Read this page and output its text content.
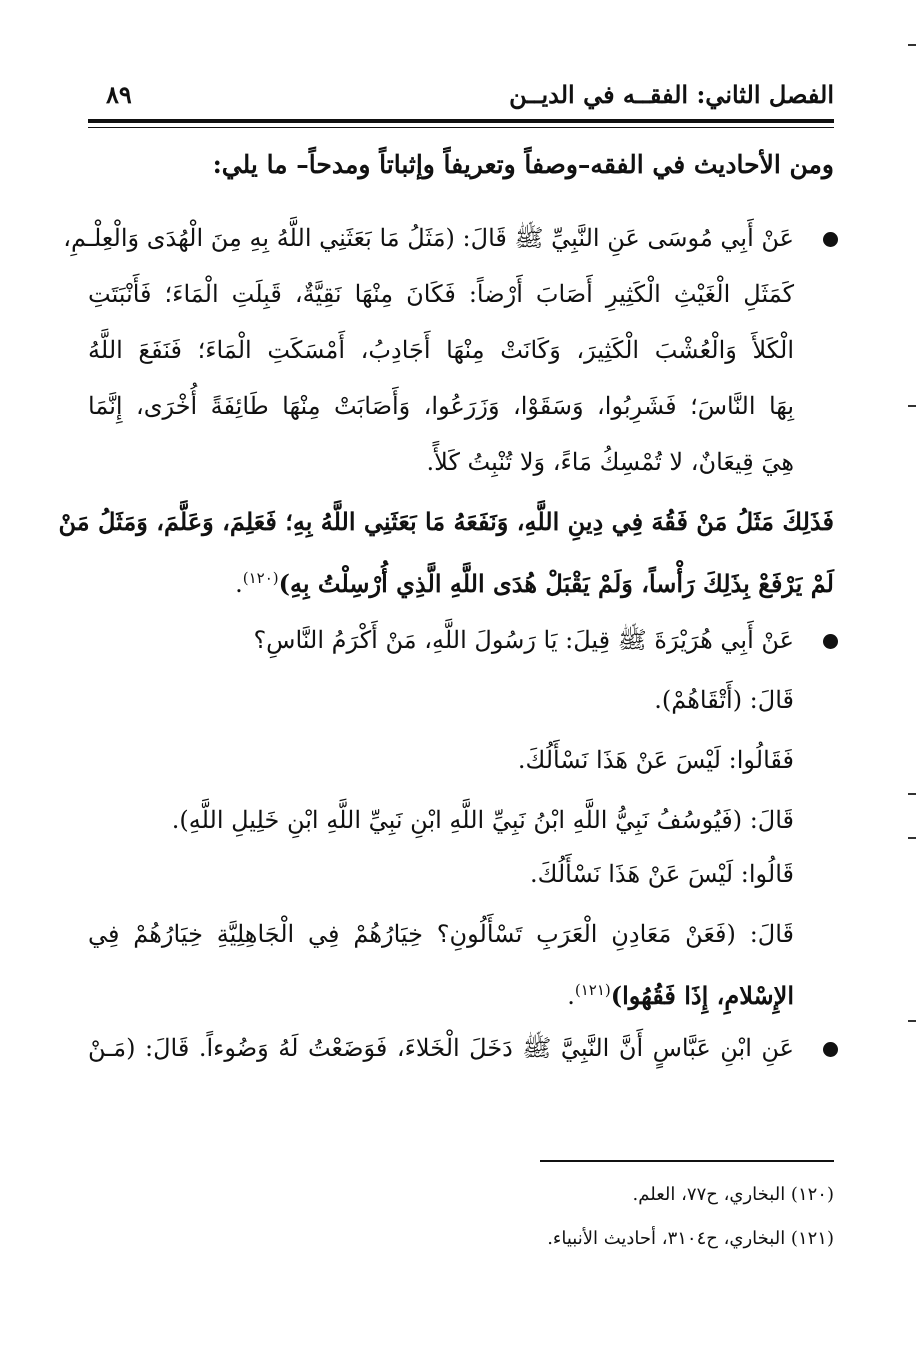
الفصل الثاني: الفقــه في الديــن
٨٩
ومن الأحاديث في الفقه–وصفاً وتعريفاً وإثباتاً ومدحاً– ما يلي:
عَنْ أَبِي مُوسَى عَنِ النَّبِيِّ ﷺ قَالَ: (مَثَلُ مَا بَعَثَنِي اللَّهُ بِهِ مِنَ الْهُدَى وَالْعِلْـمِ،
كَمَثَلِ الْغَيْثِ الْكَثِيرِ أَصَابَ أَرْضاً: فَكَانَ مِنْهَا نَقِيَّةٌ، قَبِلَتِ الْمَاءَ؛ فَأَنْبَتَتِ
الْكَلأَ وَالْعُشْبَ الْكَثِيرَ، وَكَانَتْ مِنْهَا أَجَادِبُ، أَمْسَكَتِ الْمَاءَ؛ فَنَفَعَ اللَّهُ
بِهَا النَّاسَ؛ فَشَرِبُوا، وَسَقَوْا، وَزَرَعُوا، وَأَصَابَتْ مِنْهَا طَائِفَةً أُخْرَى، إِنَّمَا
هِيَ قِيعَانٌ، لا تُمْسِكُ مَاءً، وَلا تُنْبِتُ كَلأً.
فَذَلِكَ مَثَلُ مَنْ فَقُهَ فِي دِينِ اللَّهِ، وَنَفَعَهُ مَا بَعَثَنِي اللَّهُ بِهِ؛ فَعَلِمَ، وَعَلَّمَ، وَمَثَلُ مَنْ
لَمْ يَرْفَعْ بِذَلِكَ رَأْساً، وَلَمْ يَقْبَلْ هُدَى اللَّهِ الَّذِي أُرْسِلْتُ بِهِ)$^{(١٢٠)}$.
عَنْ أَبِي هُرَيْرَةَ ﷺ قِيلَ: يَا رَسُولَ اللَّهِ، مَنْ أَكْرَمُ النَّاسِ؟
قَالَ: (أَتْقَاهُمْ).
فَقَالُوا: لَيْسَ عَنْ هَذَا نَسْأَلُكَ.
قَالَ: (فَيُوسُفُ نَبِيُّ اللَّهِ ابْنُ نَبِيِّ اللَّهِ ابْنِ نَبِيِّ اللَّهِ ابْنِ خَلِيلِ اللَّهِ).
قَالُوا: لَيْسَ عَنْ هَذَا نَسْأَلُكَ.
قَالَ: (فَعَنْ مَعَادِنِ الْعَرَبِ تَسْأَلُونِ؟ خِيَارُهُمْ فِي الْجَاهِلِيَّةِ خِيَارُهُمْ فِي
الإِسْلامِ، إِذَا فَقُهُوا)$^{(١٢١)}$.
عَنِ ابْنِ عَبَّاسٍ أَنَّ النَّبِيَّ ﷺ دَخَلَ الْخَلاءَ، فَوَضَعْتُ لَهُ وَضُوءاً. قَالَ: (مَـنْ
(١٢٠) البخاري، ح٧٧، العلم.
(١٢١) البخاري، ح٣١٠٤، أحاديث الأنبياء.
